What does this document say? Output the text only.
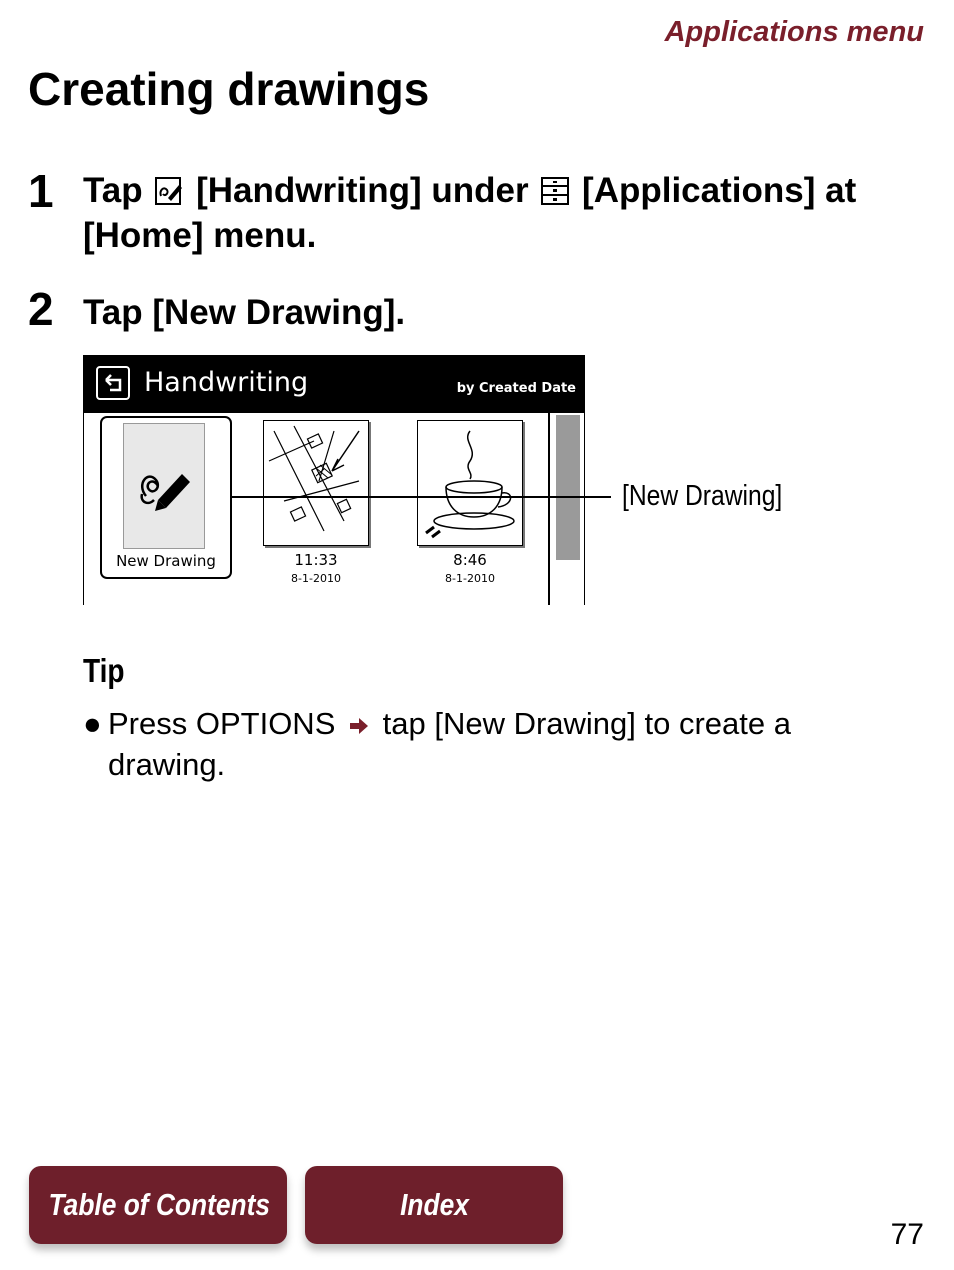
Applications menu
Creating drawings
1 Tap [Handwriting] under [Applications] at [Home] menu.
2 Tap [New Drawing].
Handwriting	by Created Date
New Drawing	11:33
8-1-2010
8:46
8-1-2010
[New Drawing]
Tip
● Press OPTIONS tap [New Drawing] to create a drawing.
Table of Contents	Index
77
